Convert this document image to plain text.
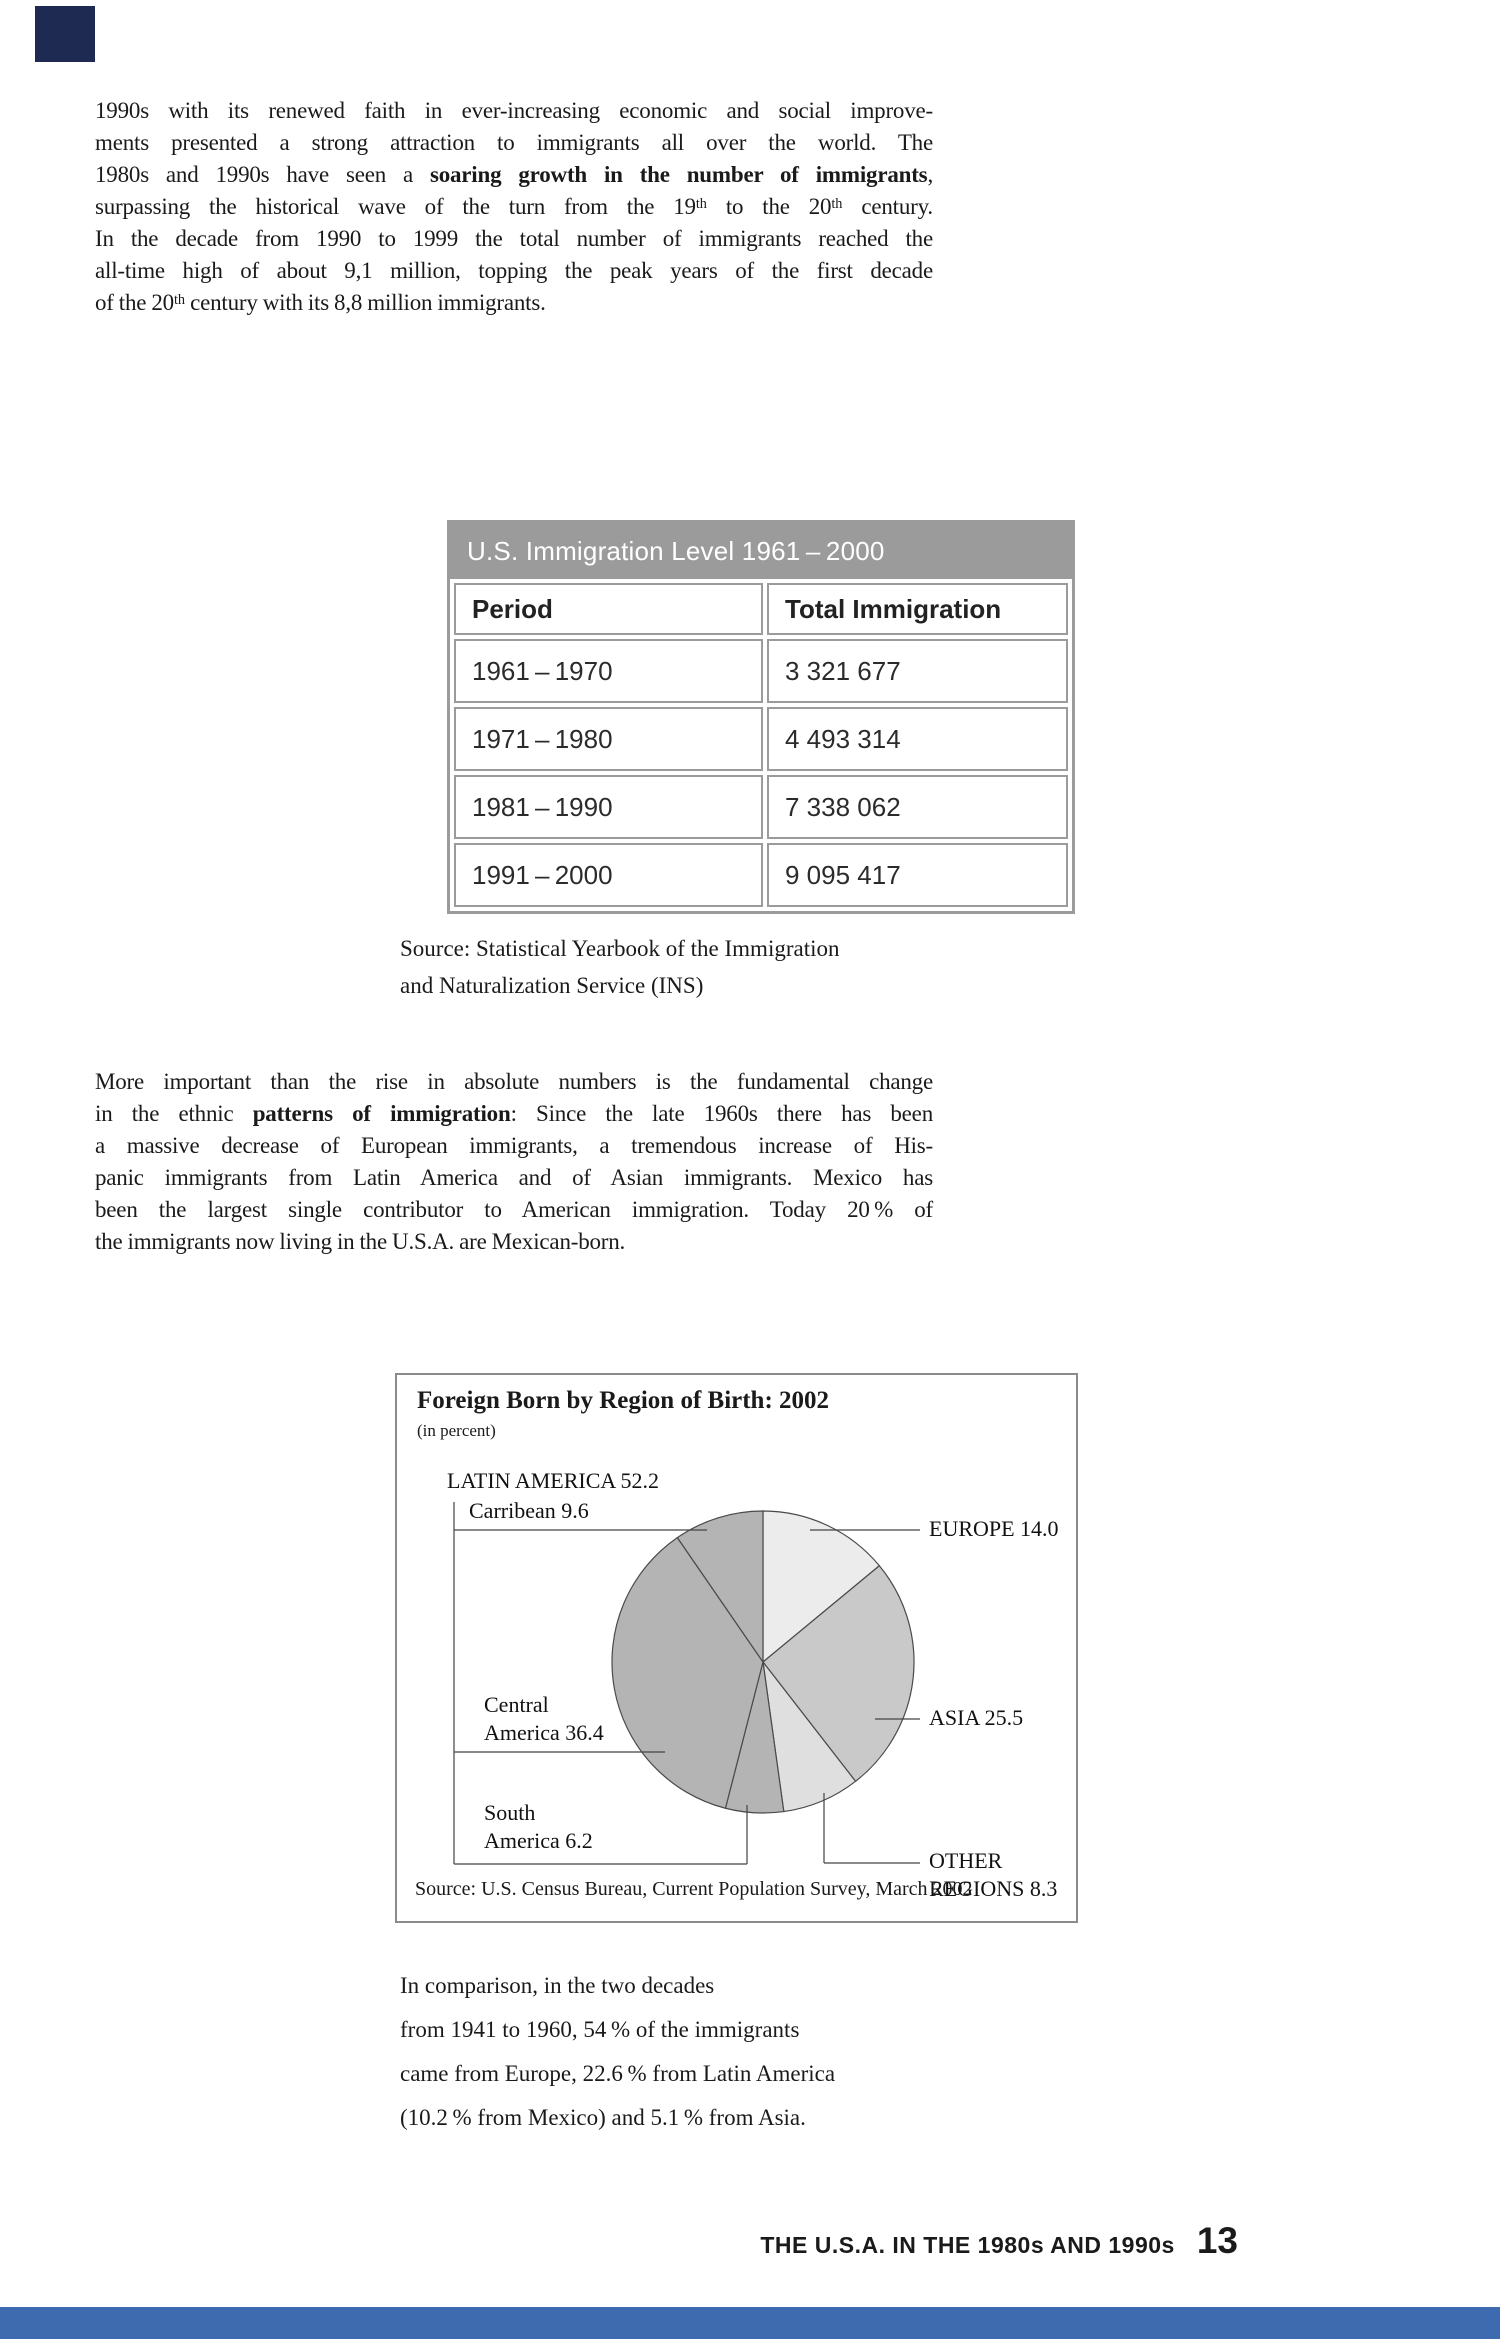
1990s with its renewed faith in ever-increasing economic and social improve-
ments presented a strong attraction to immigrants all over the world. The
1980s and 1990s have seen a soaring growth in the number of immigrants,
surpassing the historical wave of the turn from the 19th to the 20th century.
In the decade from 1990 to 1999 the total number of immigrants reached the
all-time high of about 9,1 million, topping the peak years of the first decade
of the 20th century with its 8,8 million immigrants.
U.S. Immigration Level 1961 – 2000
Period	Total Immigration
1961 – 1970	3 321 677
1971 – 1980	4 493 314
1981 – 1990	7 338 062
1991 – 2000	9 095 417
Source: Statistical Yearbook of the Immigration
and Naturalization Service (INS)
More important than the rise in absolute numbers is the fundamental change
in the ethnic patterns of immigration: Since the late 1960s there has been
a massive decrease of European immigrants, a tremendous increase of His-
panic immigrants from Latin America and of Asian immigrants. Mexico has
been the largest single contributor to American immigration. Today 20 % of
the immigrants now living in the U.S.A. are Mexican-born.
Foreign Born by Region of Birth: 2002
(in percent)
LATIN AMERICA 52.2
Carribean 9.6
Central
America 36.4
South
America 6.2
EUROPE 14.0
ASIA 25.5
OTHER
REGIONS 8.3
Source: U.S. Census Bureau, Current Population Survey, March 2002
In comparison, in the two decades
from 1941 to 1960, 54 % of the immigrants
came from Europe, 22.6 % from Latin America
(10.2 % from Mexico) and 5.1 % from Asia.
THE U.S.A. IN THE 1980s AND 1990s 13
